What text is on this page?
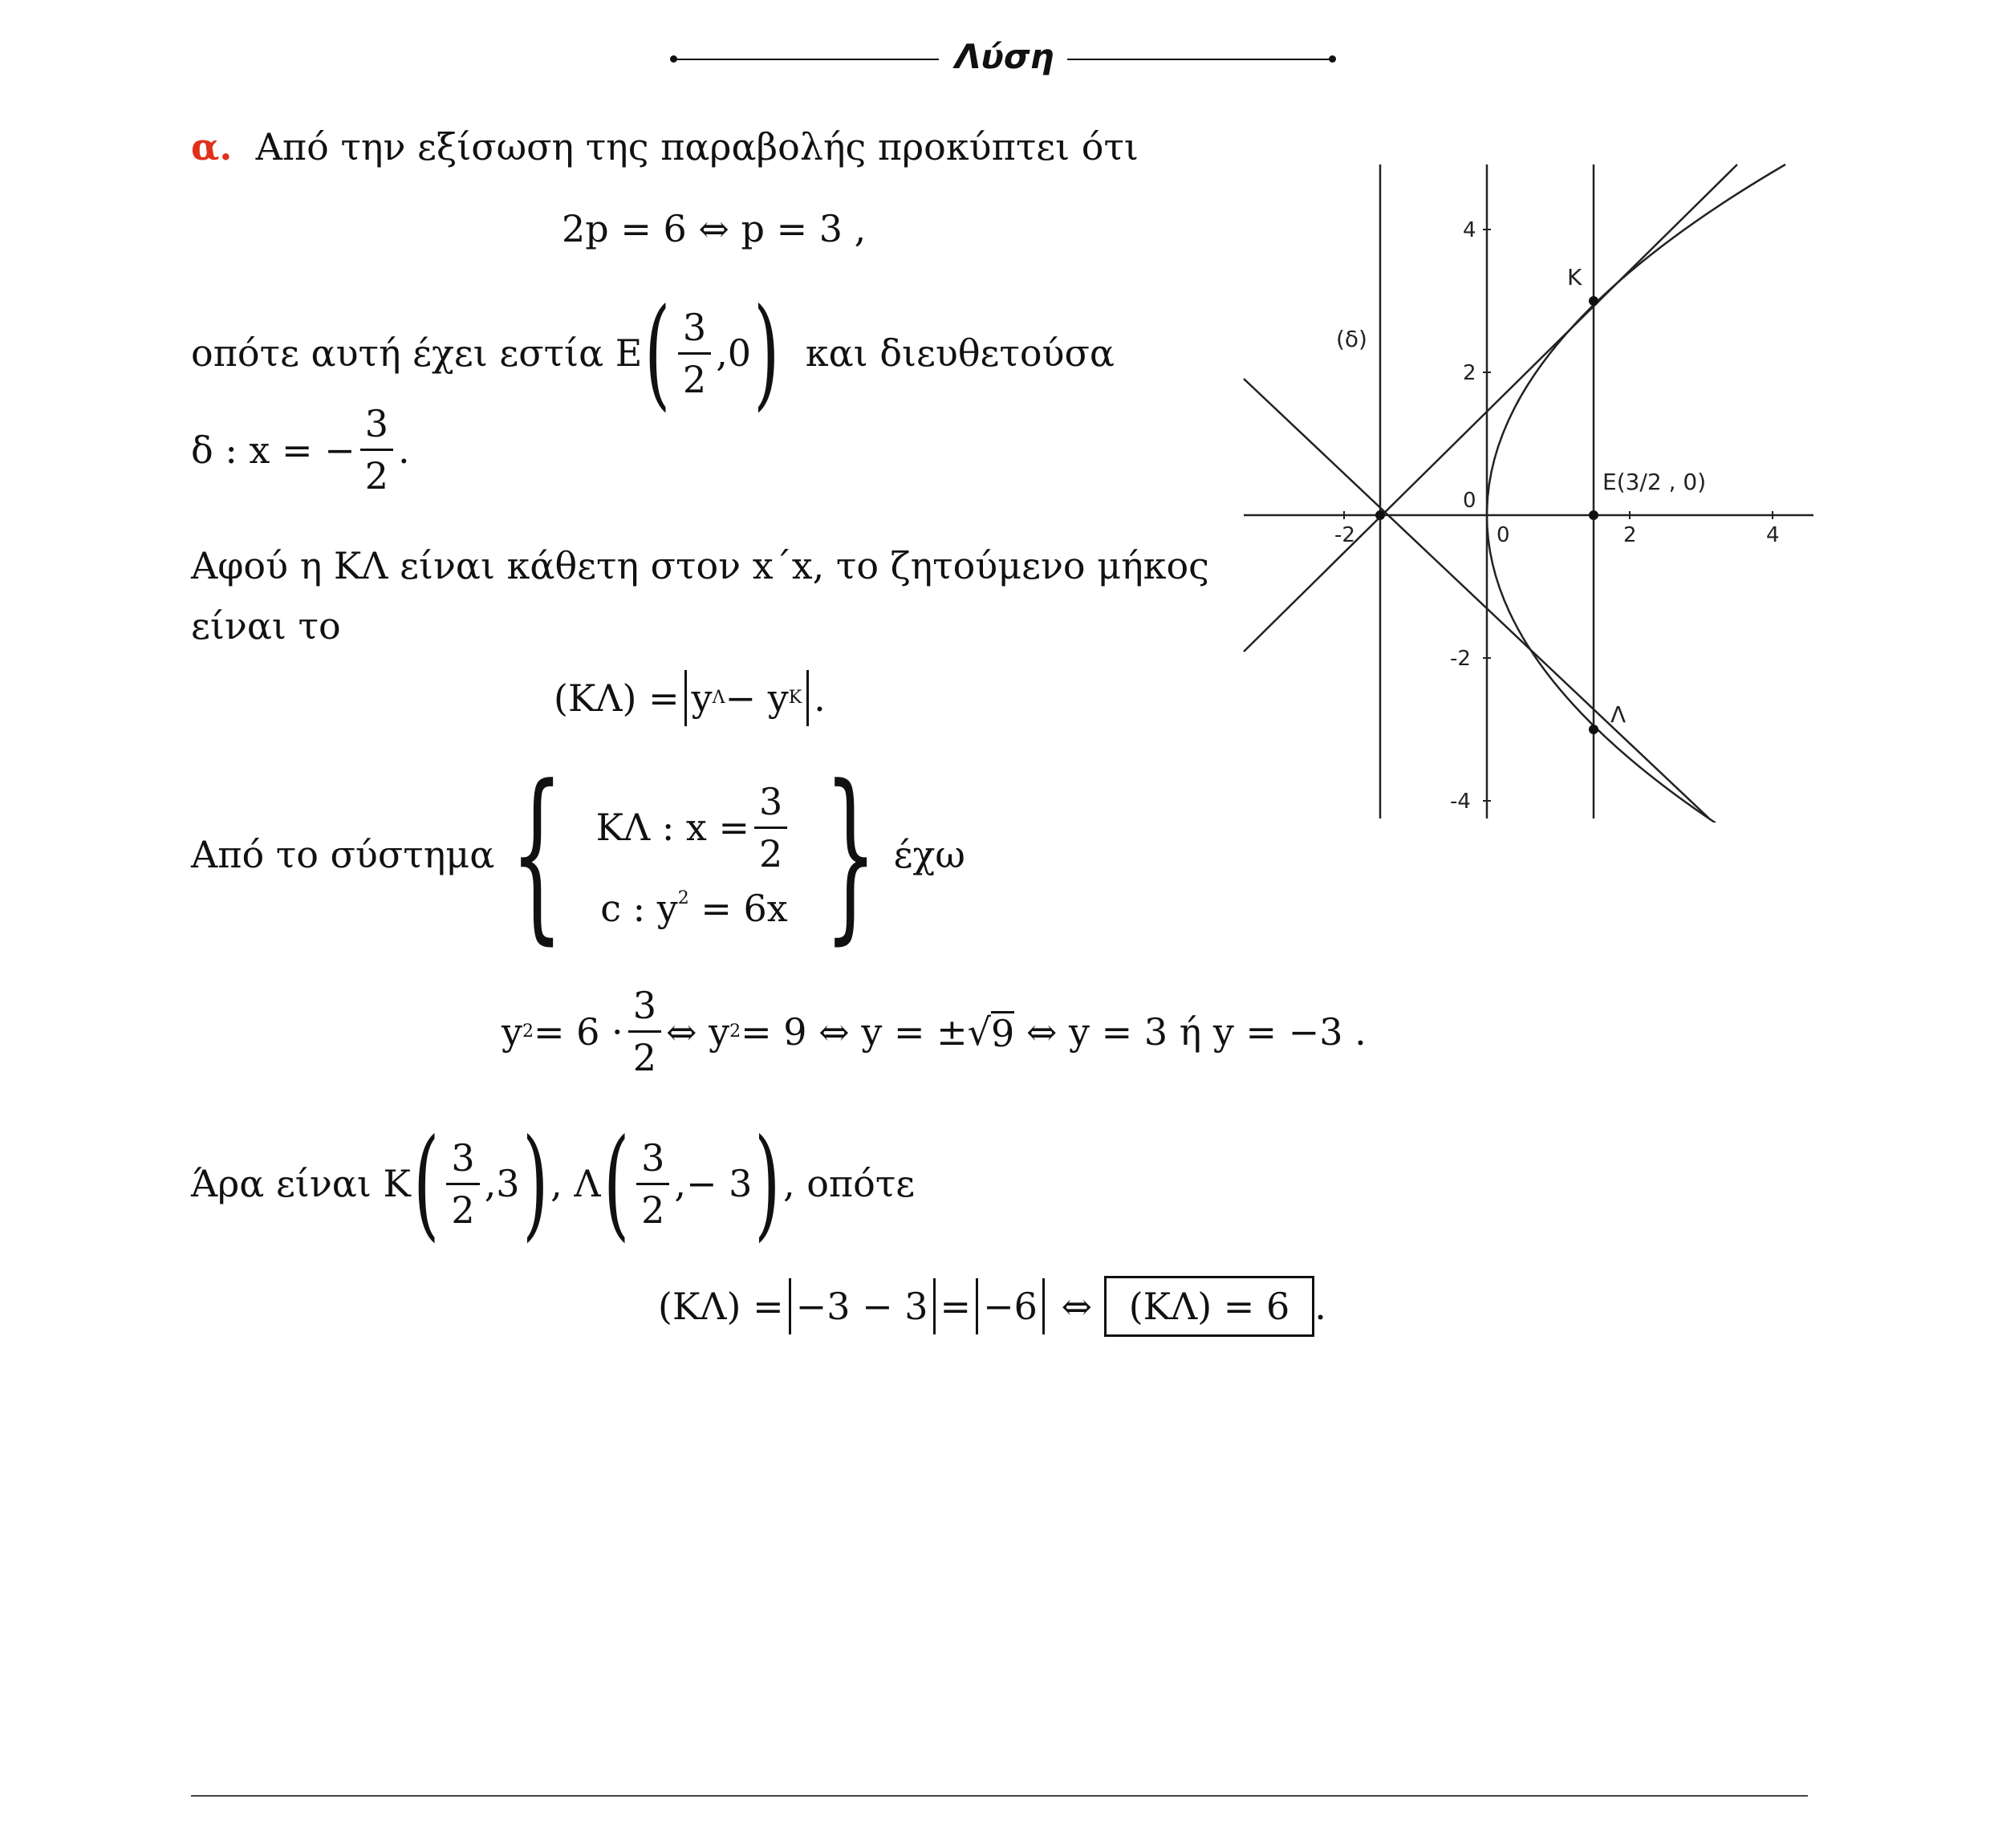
Λύση
α. Από την εξίσωση της παραβολής προκύπτει ότι
2p = 6 ⇔ p = 3 ,
οπότε αυτή έχει εστία
E ( $\frac{3}{2} ,0$ )
και διευθετούσα
δ : x = − $\frac{3}{2}$ .
Αφού η ΚΛ είναι κάθετη στον x΄x, το ζητούμενο μήκος
είναι το
(ΚΛ) = y Λ − y Κ .
Από το σύστημα { ΚΛ : $x = \frac{3}{2}$
c : $y^2 = 6x$ } έχω
y $2 = 6 \cdot \frac{3}{2}$ ⇔ y 2 = 9 ⇔ y = ± √ 9
⇔ y = 3 ή y = −3 .
Άρα είναι Κ ( $\frac{3}{2} ,3$ ) , Λ ( $\frac{3}{2}$ ,− 3 ) , οπότε
(ΚΛ) = −3 − 3 = −6
⇔
(ΚΛ) = 6 .
-2	0	2	4
4
2
0
-2
-4
K
Λ
E(3/2 , 0)
(δ)
